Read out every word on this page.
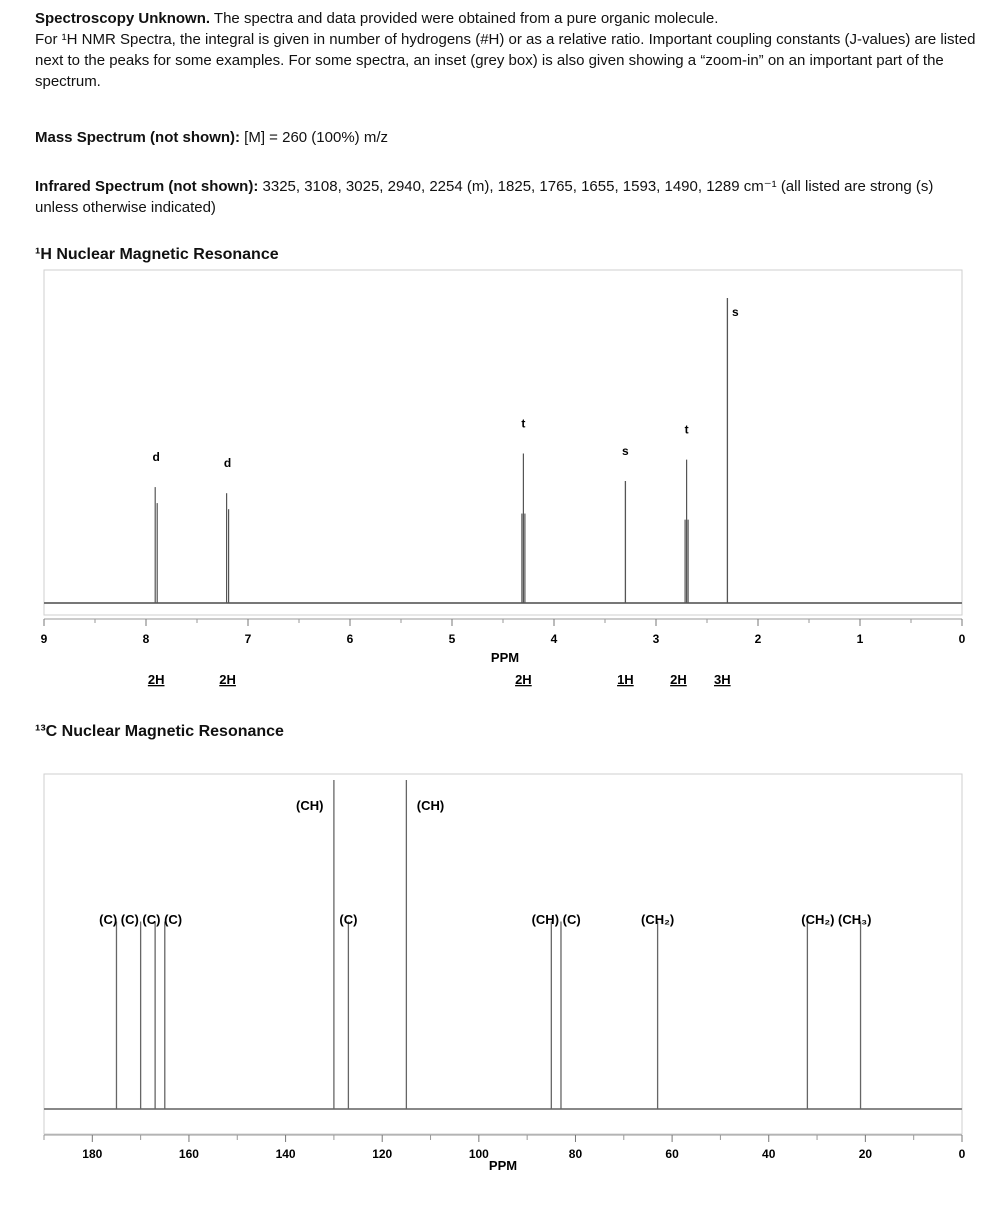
Spectroscopy Unknown. The spectra and data provided were obtained from a pure organic molecule.

For ¹H NMR Spectra, the integral is given in number of hydrogens (#H) or as a relative ratio. Important coupling constants (J-values) are listed next to the peaks for some examples. For some spectra, an inset (grey box) is also given showing a “zoom-in” on an important part of the spectrum.

Mass Spectrum (not shown): [M] = 260 (100%) m/z
Infrared Spectrum (not shown): 3325, 3108, 3025, 2940, 2254 (m), 1825, 1765, 1655, 1593, 1490, 1289 cm⁻¹ (all listed are strong (s) unless otherwise indicated)
¹H Nuclear Magnetic Resonance
¹³C Nuclear Magnetic Resonance
9	8	7	6	5	4	3	2	1	0
d	d
t
s
t
s
2H	2H	2H	1H	2H 3H
PPM
180	160	140	120	100	80	60	40	20	0
(C) (C) (C) (C)
(CH)	(CH)
(C)	(CH) (C)	(CH₂)	(CH₂) (CH₃)
PPM
